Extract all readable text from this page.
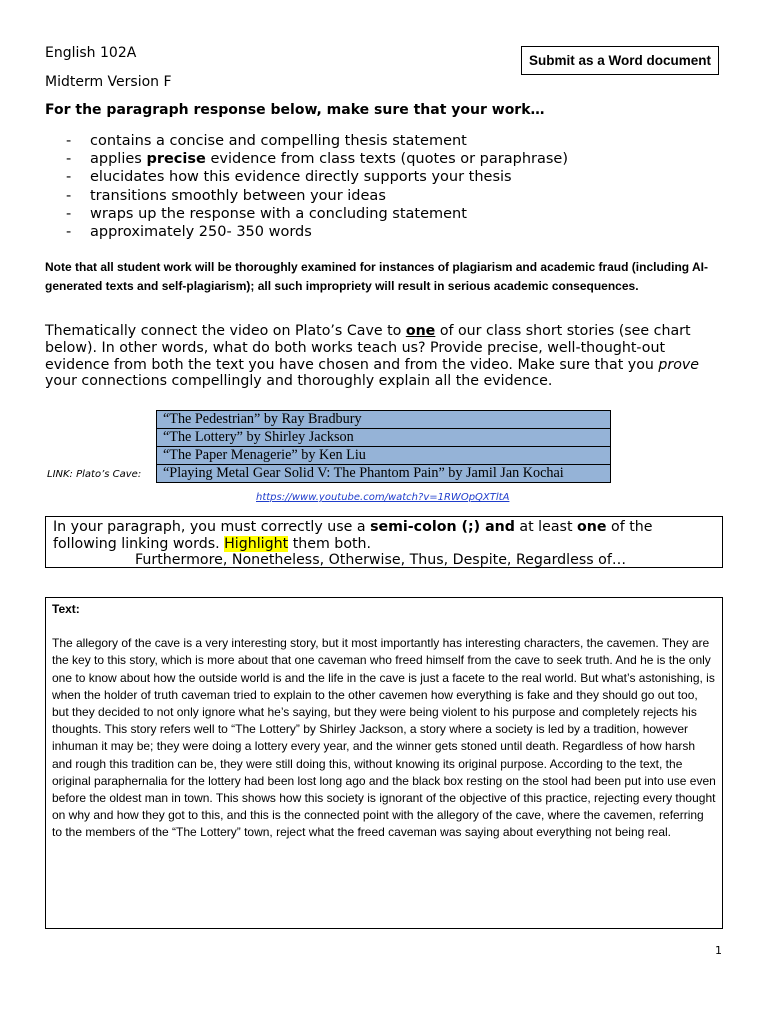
English 102A
Midterm Version F
Submit as a Word document
For the paragraph response below, make sure that your work…
-	contains a concise and compelling thesis statement
-	applies precise evidence from class texts (quotes or paraphrase)
-	elucidates how this evidence directly supports your thesis
-	transitions smoothly between your ideas
-	wraps up the response with a concluding statement
-	approximately 250- 350 words
Note that all student work will be thoroughly examined for instances of plagiarism and academic fraud (including AI-generated texts and self-plagiarism); all such impropriety will result in serious academic consequences.
Thematically connect the video on Plato’s Cave to one of our class short stories (see chart below). In other words, what do both works teach us? Provide precise, well-thought-out evidence from both the text you have chosen and from the video. Make sure that you prove your connections compellingly and thoroughly explain all the evidence.
LINK: Plato’s Cave:
“The Pedestrian” by Ray Bradbury
“The Lottery” by Shirley Jackson
“The Paper Menagerie” by Ken Liu
“Playing Metal Gear Solid V: The Phantom Pain” by Jamil Jan Kochai
https://www.youtube.com/watch?v=1RWOpQXTltA
In your paragraph, you must correctly use a semi-colon (;) and at least one of the following linking words. Highlight them both.
Furthermore, Nonetheless, Otherwise, Thus, Despite, Regardless of…
Text:
The allegory of the cave is a very interesting story, but it most importantly has interesting characters, the cavemen. They are the key to this story, which is more about that one caveman who freed himself from the cave to seek truth. And he is the only one to know about how the outside world is and the life in the cave is just a facete to the real world. But what’s astonishing, is when the holder of truth caveman tried to explain to the other cavemen how everything is fake and they should go out too, but they decided to not only ignore what he’s saying, but they were being violent to his purpose and completely rejects his thoughts. This story refers well to “The Lottery” by Shirley Jackson, a story where a society is led by a tradition, however inhuman it may be; they were doing a lottery every year, and the winner gets stoned until death. Regardless of how harsh and rough this tradition can be, they were still doing this, without knowing its original purpose. According to the text, the original paraphernalia for the lottery had been lost long ago and the black box resting on the stool had been put into use even before the oldest man in town. This shows how this society is ignorant of the objective of this practice, rejecting every thought on why and how they got to this, and this is the connected point with the allegory of the cave, where the cavemen, referring to the members of the “The Lottery” town, reject what the freed caveman was saying about everything not being real.
1
